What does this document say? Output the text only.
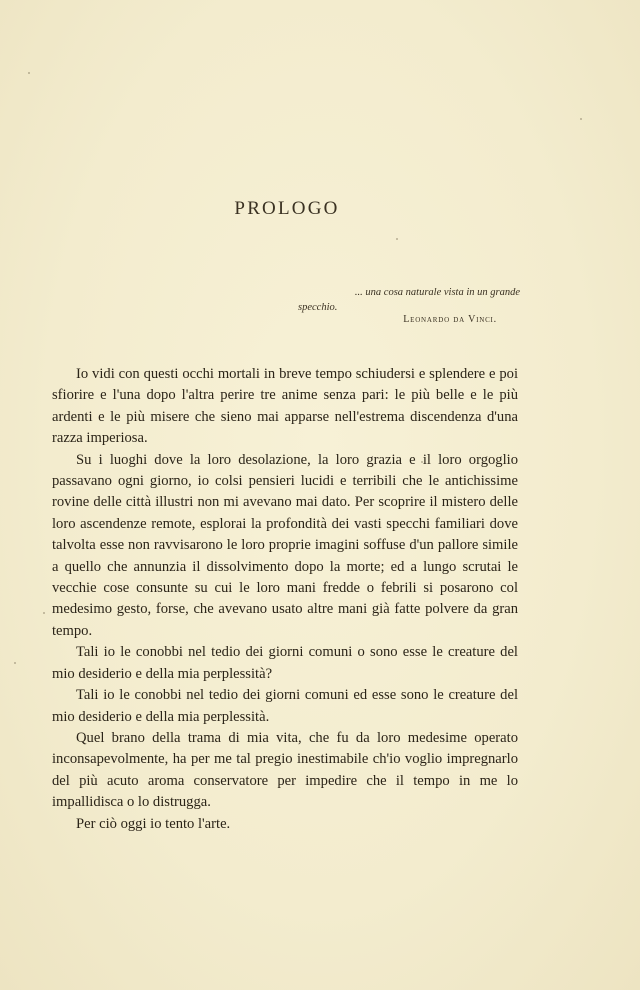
PROLOGO
... una cosa naturale vista in un grande
specchio.
Leonardo da Vinci.

Io vidi con questi occhi mortali in breve tempo schiudersi e splendere e poi sfiorire e l'una dopo l'altra perire tre anime senza pari: le più belle e le più ardenti e le più misere che sieno mai apparse nell'estrema discendenza d'una razza imperiosa.

Su i luoghi dove la loro desolazione, la loro grazia e il loro orgoglio passavano ogni giorno, io colsi pensieri lucidi e terribili che le antichissime rovine delle città illustri non mi avevano mai dato. Per scoprire il mistero delle loro ascendenze remote, esplorai la profondità dei vasti specchi familiari dove talvolta esse non ravvisarono le loro proprie imagini soffuse d'un pallore simile a quello che annunzia il dissolvimento dopo la morte; ed a lungo scrutai le vecchie cose consunte su cui le loro mani fredde o febrili si posarono col medesimo gesto, forse, che avevano usato altre mani già fatte polvere da gran tempo.

Tali io le conobbi nel tedio dei giorni comuni o sono esse le creature del mio desiderio e della mia perplessità?

Tali io le conobbi nel tedio dei giorni comuni ed esse sono le creature del mio desiderio e della mia perplessità.

Quel brano della trama di mia vita, che fu da loro medesime operato inconsapevolmente, ha per me tal pregio inestimabile ch'io voglio impregnarlo del più acuto aroma conservatore per impedire che il tempo in me lo impallidisca o lo distrugga.

Per ciò oggi io tento l'arte.
